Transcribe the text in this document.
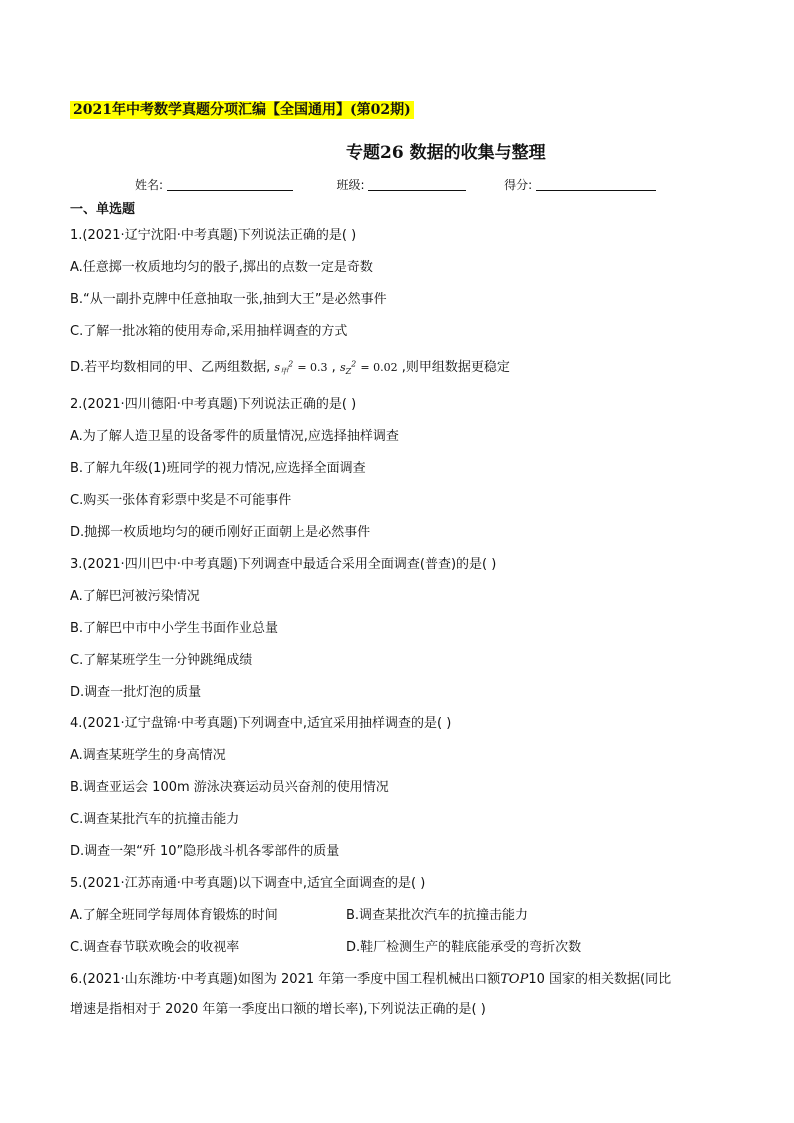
2021年中考数学真题分项汇编【全国通用】(第02期)
专题26 数据的收集与整理
姓名:	班级:	得分:
一、单选题
1.(2021·辽宁沈阳·中考真题)下列说法正确的是( )
A.任意掷一枚质地均匀的骰子,掷出的点数一定是奇数
B.“从一副扑克牌中任意抽取一张,抽到大王”是必然事件
C.了解一批冰箱的使用寿命,采用抽样调查的方式
D.若平均数相同的甲、乙两组数据, $s_甲^2 = 0.3$ , $s_Z^2 = 0.02$ ,则甲组数据更稳定
2.(2021·四川德阳·中考真题)下列说法正确的是( )
A.为了解人造卫星的设备零件的质量情况,应选择抽样调查
B.了解九年级(1)班同学的视力情况,应选择全面调查
C.购买一张体育彩票中奖是不可能事件
D.抛掷一枚质地均匀的硬币刚好正面朝上是必然事件
3.(2021·四川巴中·中考真题)下列调查中最适合采用全面调查(普查)的是( )
A.了解巴河被污染情况
B.了解巴中市中小学生书面作业总量
C.了解某班学生一分钟跳绳成绩
D.调查一批灯泡的质量
4.(2021·辽宁盘锦·中考真题)下列调查中,适宜采用抽样调查的是( )
A.调查某班学生的身高情况
B.调查亚运会 100m 游泳决赛运动员兴奋剂的使用情况
C.调查某批汽车的抗撞击能力
D.调查一架“歼 10”隐形战斗机各零部件的质量
5.(2021·江苏南通·中考真题)以下调查中,适宜全面调查的是( )
A.了解全班同学每周体育锻炼的时间	B.调查某批次汽车的抗撞击能力
C.调查春节联欢晚会的收视率	D.鞋厂检测生产的鞋底能承受的弯折次数
6.(2021·山东潍坊·中考真题)如图为 2021 年第一季度中国工程机械出口额TOP10 国家的相关数据(同比
增速是指相对于 2020 年第一季度出口额的增长率),下列说法正确的是( )
